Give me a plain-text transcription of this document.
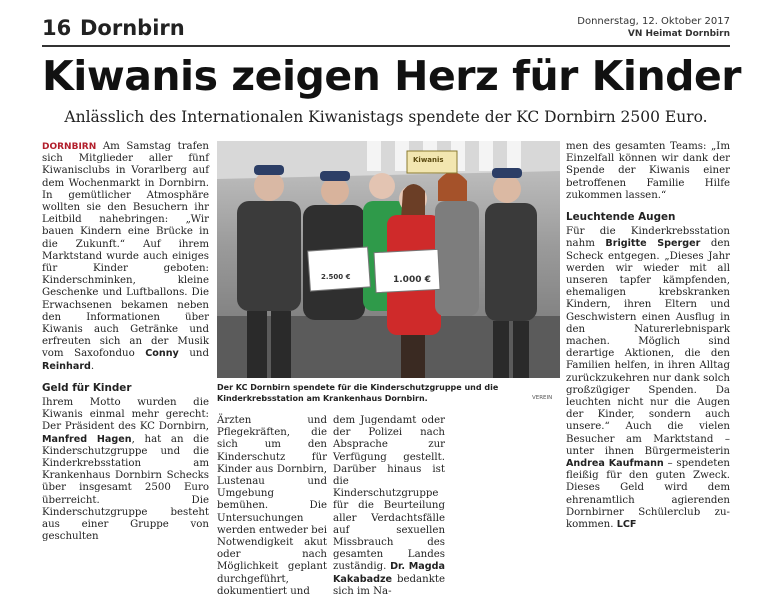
16 Dornbirn	Donnerstag, 12. Oktober 2017
VN Heimat Dornbirn
Kiwanis zeigen Herz für Kinder
Anlässlich des Internationalen Kiwanistags spendete der KC Dornbirn 2500 Euro.

DORNBIRN Am Samstag trafen sich Mitglieder aller fünf Kiwanisclubs in Vorarlberg auf dem Wochenmarkt in Dornbirn. In gemütlicher Atmosphäre wollten sie den Besuchern ihr Leitbild nahebringen: „Wir bauen Kindern eine Brücke in die Zukunft.“ Auf ihrem Marktstand wurde auch einiges für Kinder geboten: Kinderschminken, kleine Geschenke und Luftballons. Die Erwachsenen bekamen neben den Informationen über Kiwanis auch Getränke und erfreuten sich an der Musik vom Saxofonduo Conny und Reinhard.

Geld für Kinder

Ihrem Motto wurden die Kiwanis einmal mehr gerecht: Der Präsident des KC Dornbirn, Manfred Hagen, hat an die Kinderschutzgruppe und die Kinderkrebsstation am Krankenhaus Dornbirn Schecks über insgesamt 2500 Euro überreicht. Die Kinderschutzgruppe besteht aus einer Gruppe von geschulten

2.500 €	1.000 €
Kiwanis
Der KC Dornbirn spendete für die Kinderschutzgruppe und die Kinderkrebsstation am Krankenhaus Dornbirn.	VEREIN

Ärzten und Pflegekräften, die sich um den Kinderschutz für Kinder aus Dornbirn, Lustenau und Umgebung bemühen. Die Untersuchungen werden entweder bei Notwendigkeit akut oder nach Möglichkeit geplant durchgeführt, dokumentiert und

dem Jugendamt oder der Polizei nach Absprache zur Verfügung gestellt. Darüber hinaus ist die Kinderschutzgruppe für die Beurteilung aller Verdachtsfälle auf sexuellen Missbrauch des gesamten Landes zuständig. Dr. Magda Kakabadze bedankte sich im Na-

men des gesamten Teams: „Im Einzelfall können wir dank der Spende der Kiwanis einer betroffenen Familie Hilfe zukommen lassen.“

Leuchtende Augen

Für die Kinderkrebsstation nahm Brigitte Sperger den Scheck entgegen. „Dieses Jahr werden wir wieder mit all unseren tapfer kämpfenden, ehemaligen krebskranken Kindern, ihren Eltern und Geschwistern einen Ausflug in den Naturerlebnispark machen. Möglich sind derartige Aktionen, die den Familien helfen, in ihren Alltag zurückzukehren nur dank solch großzügiger Spenden. Da leuchten nicht nur die Augen der Kinder, sondern auch unsere.“ Auch die vielen Besucher am Marktstand – unter ihnen Bürgermeisterin Andrea Kaufmann – spendeten fleißig für den guten Zweck. Dieses Geld wird dem ehrenamtlich agierenden Dornbirner Schülerclub zu-kommen. LCF
